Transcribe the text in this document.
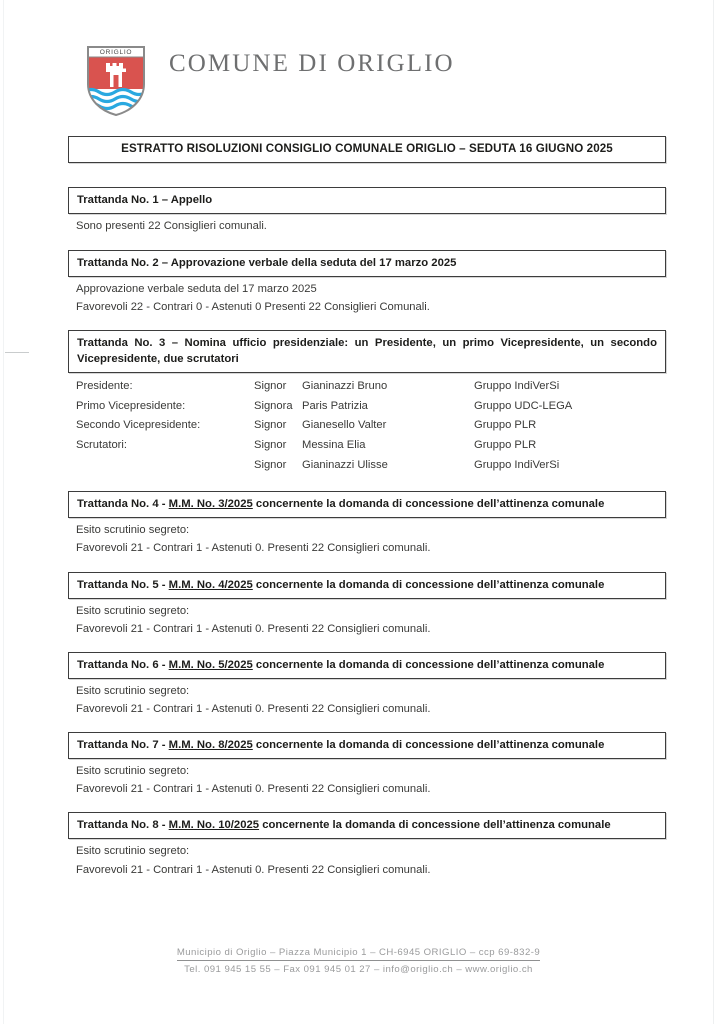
ORIGLIO COMUNE DI ORIGLIO
ESTRATTO RISOLUZIONI CONSIGLIO COMUNALE ORIGLIO – SEDUTA 16 GIUGNO 2025
Trattanda No. 1 – Appello
Sono presenti 22 Consiglieri comunali.
Trattanda No. 2 – Approvazione verbale della seduta del 17 marzo 2025
Approvazione verbale seduta del 17 marzo 2025
Favorevoli 22 - Contrari 0 - Astenuti 0 Presenti 22 Consiglieri Comunali.
Trattanda No. 3 – Nomina ufficio presidenziale: un Presidente, un primo Vicepresidente, un secondo Vicepresidente, due scrutatori
Presidente:	Signor	Gianinazzi Bruno	Gruppo IndiVerSi
Primo Vicepresidente:	Signora	Paris Patrizia	Gruppo UDC-LEGA
Secondo Vicepresidente:	Signor	Gianesello Valter	Gruppo PLR
Scrutatori:	Signor	Messina Elia	Gruppo PLR
	Signor	Gianinazzi Ulisse	Gruppo IndiVerSi
Trattanda No. 4 - M.M. No. 3/2025 concernente la domanda di concessione dell’attinenza comunale
Esito scrutinio segreto:
Favorevoli 21 - Contrari 1 - Astenuti 0. Presenti 22 Consiglieri comunali.
Trattanda No. 5 - M.M. No. 4/2025 concernente la domanda di concessione dell’attinenza comunale
Esito scrutinio segreto:
Favorevoli 21 - Contrari 1 - Astenuti 0. Presenti 22 Consiglieri comunali.
Trattanda No. 6 - M.M. No. 5/2025 concernente la domanda di concessione dell’attinenza comunale
Esito scrutinio segreto:
Favorevoli 21 - Contrari 1 - Astenuti 0. Presenti 22 Consiglieri comunali.
Trattanda No. 7 - M.M. No. 8/2025 concernente la domanda di concessione dell’attinenza comunale
Esito scrutinio segreto:
Favorevoli 21 - Contrari 1 - Astenuti 0. Presenti 22 Consiglieri comunali.
Trattanda No. 8 - M.M. No. 10/2025 concernente la domanda di concessione dell’attinenza comunale
Esito scrutinio segreto:
Favorevoli 21 - Contrari 1 - Astenuti 0. Presenti 22 Consiglieri comunali.
Municipio di Origlio – Piazza Municipio 1 – CH-6945 ORIGLIO – ccp 69-832-9
Tel. 091 945 15 55 – Fax 091 945 01 27 – info@origlio.ch – www.origlio.ch
